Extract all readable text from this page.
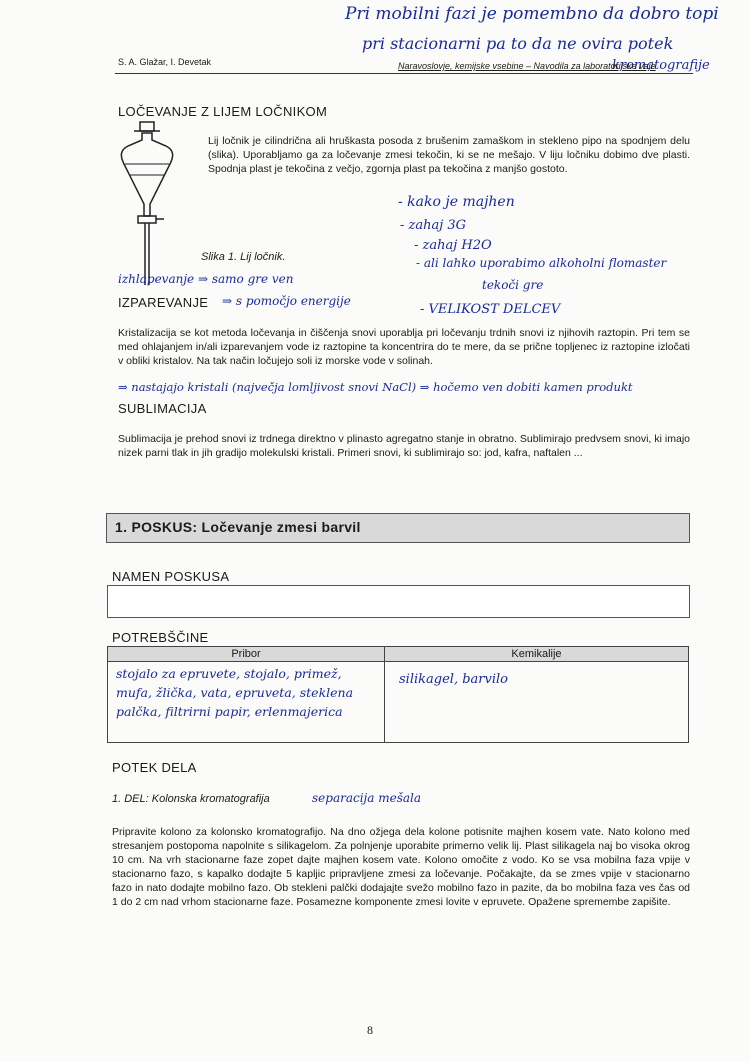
Pri mobilni fazi je pomembno da dobro topi
pri stacionarni pa to da ne ovira potek
kromatografije
S. A. Glažar, I. Devetak	Naravoslovje, kemijske vsebine – Navodila za laboratorijske vaje
LOČEVANJE Z LIJEM LOČNIKOM
Lij ločnik je cilindrična ali hruškasta posoda z brušenim zamaškom in stekleno pipo na spodnjem delu (slika). Uporabljamo ga za ločevanje zmesi tekočin, ki se ne mešajo. V liju ločniku dobimo dve plasti. Spodnja plast je tekočina z večjo, zgornja plast pa tekočina z manjšo gostoto.
Slika 1. Lij ločnik.
- kako je majhen
- zahaj 3G
- zahaj H2O
- ali lahko uporabimo alkoholni flomaster
tekoči gre
- VELIKOST DELCEV
izhlapevanje ⇒ samo gre ven
IZPAREVANJE ⇒ s pomočjo energije
Kristalizacija se kot metoda ločevanja in čiščenja snovi uporablja pri ločevanju trdnih snovi iz njihovih raztopin. Pri tem se med ohlajanjem in/ali izparevanjem vode iz raztopine ta koncentrira do te mere, da se prične topljenec iz raztopine izločati v obliki kristalov. Na tak način ločujejo soli iz morske vode v solinah.
⇒ nastajajo kristali (največja lomljivost snovi NaCl) ⇒ hočemo ven dobiti kamen produkt
SUBLIMACIJA
Sublimacija je prehod snovi iz trdnega direktno v plinasto agregatno stanje in obratno. Sublimirajo predvsem snovi, ki imajo nizek parni tlak in jih gradijo molekulski kristali. Primeri snovi, ki sublimirajo so: jod, kafra, naftalen ...
1. POSKUS: Ločevanje zmesi barvil
NAMEN POSKUSA
POTREBŠČINE
Pribor	Kemikalije

stojalo za epruvete, stojalo, primež, mufa, žlička, vata, epruveta, steklena palčka, filtrirni papir, erlenmajerica	silikagel, barvilo
POTEK DELA
1. DEL: Kolonska kromatografija	separacija mešala
Pripravite kolono za kolonsko kromatografijo. Na dno ožjega dela kolone potisnite majhen kosem vate. Nato kolono med stresanjem postopoma napolnite s silikagelom. Za polnjenje uporabite primerno velik lij. Plast silikagela naj bo visoka okrog 10 cm. Na vrh stacionarne faze zopet dajte majhen kosem vate. Kolono omočite z vodo. Ko se vsa mobilna faza vpije v stacionarno fazo, s kapalko dodajte 5 kapljic pripravljene zmesi za ločevanje. Počakajte, da se zmes vpije v stacionarno fazo in nato dodajte mobilno fazo. Ob stekleni palčki dodajajte svežo mobilno fazo in pazite, da bo mobilna faza ves čas od 1 do 2 cm nad vrhom stacionarne faze. Posamezne komponente zmesi lovite v epruvete. Opažene spremembe zapišite.
8
